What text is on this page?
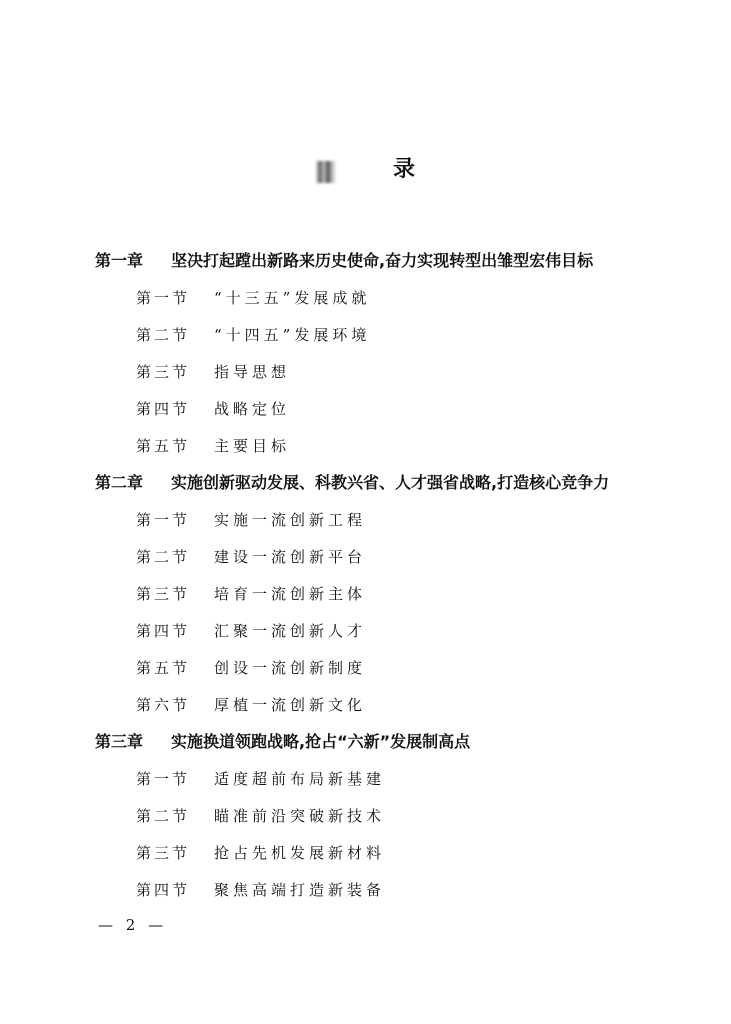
录
第一章 坚决打起蹚出新路来历史使命,奋力实现转型出雏型宏伟目标
第一节 “十三五”发展成就
第二节 “十四五”发展环境
第三节 指导思想
第四节 战略定位
第五节 主要目标
第二章 实施创新驱动发展、科教兴省、人才强省战略,打造核心竞争力
第一节 实施一流创新工程
第二节 建设一流创新平台
第三节 培育一流创新主体
第四节 汇聚一流创新人才
第五节 创设一流创新制度
第六节 厚植一流创新文化
第三章 实施换道领跑战略,抢占“六新”发展制高点
第一节 适度超前布局新基建
第二节 瞄准前沿突破新技术
第三节 抢占先机发展新材料
第四节 聚焦高端打造新装备
— 2 —
